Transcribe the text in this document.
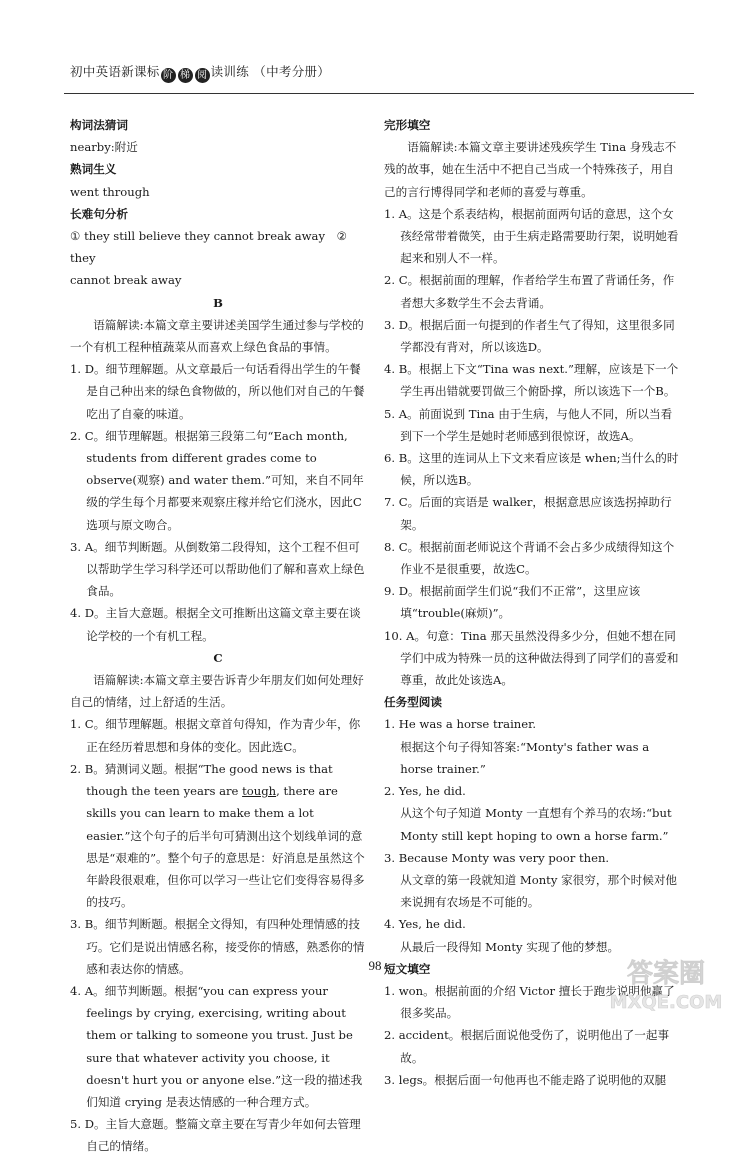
初中英语新课标 阶 梯 阅 读训练 （中考分册）

构词法猜词

nearby:附近

熟词生义

went through

长难句分析

① they still believe they cannot break away　② they

cannot break away

B

语篇解读:本篇文章主要讲述美国学生通过参与学校的一个有机工程种植蔬菜从而喜欢上绿色食品的事情。

1. D。细节理解题。从文章最后一句话看得出学生的午餐是自己种出来的绿色食物做的，所以他们对自己的午餐吃出了自豪的味道。

2. C。细节理解题。根据第三段第二句“Each month, students from different grades come to observe(观察) and water them.”可知，来自不同年级的学生每个月都要来观察庄稼并给它们浇水，因此C选项与原文吻合。

3. A。细节判断题。从倒数第二段得知，这个工程不但可以帮助学生学习科学还可以帮助他们了解和喜欢上绿色食品。

4. D。主旨大意题。根据全文可推断出这篇文章主要在谈论学校的一个有机工程。

C

语篇解读:本篇文章主要告诉青少年朋友们如何处理好自己的情绪，过上舒适的生活。

1. C。细节理解题。根据文章首句得知，作为青少年，你正在经历着思想和身体的变化。因此选C。

2. B。猜测词义题。根据“The good news is that though the teen years are tough, there are skills you can learn to make them a lot easier.”这个句子的后半句可猜测出这个划线单词的意思是“艰难的”。整个句子的意思是：好消息是虽然这个年龄段很艰难，但你可以学习一些让它们变得容易得多的技巧。

3. B。细节判断题。根据全文得知，有四种处理情感的技巧。它们是说出情感名称，接受你的情感，熟悉你的情感和表达你的情感。

4. A。细节判断题。根据“you can express your feelings by crying, exercising, writing about them or talking to someone you trust. Just be sure that whatever activity you choose, it doesn't hurt you or anyone else.”这一段的描述我们知道 crying 是表达情感的一种合理方式。

5. D。主旨大意题。整篇文章主要在写青少年如何去管理自己的情绪。

完形填空

语篇解读:本篇文章主要讲述残疾学生 Tina 身残志不残的故事，她在生活中不把自己当成一个特殊孩子，用自己的言行博得同学和老师的喜爱与尊重。

1. A。这是个系表结构，根据前面两句话的意思，这个女孩经常带着微笑，由于生病走路需要助行架，说明她看起来和别人不一样。

2. C。根据前面的理解，作者给学生布置了背诵任务，作者想大多数学生不会去背诵。

3. D。根据后面一句提到的作者生气了得知，这里很多同学都没有背对，所以该选D。

4. B。根据上下文“Tina was next.”理解，应该是下一个学生再出错就要罚做三个俯卧撑，所以该选下一个B。

5. A。前面说到 Tina 由于生病，与他人不同，所以当看到下一个学生是她时老师感到很惊讶，故选A。

6. B。这里的连词从上下文来看应该是 when;当什么的时候，所以选B。

7. C。后面的宾语是 walker，根据意思应该选拐掉助行架。

8. C。根据前面老师说这个背诵不会占多少成绩得知这个作业不是很重要，故选C。

9. D。根据前面学生们说“我们不正常”，这里应该填“trouble(麻烦)”。

10. A。句意：Tina 那天虽然没得多少分，但她不想在同学们中成为特殊一员的这种做法得到了同学们的喜爱和尊重，故此处该选A。

任务型阅读

1. He was a horse trainer.

根据这个句子得知答案:“Monty's father was a horse trainer.”

2. Yes, he did.

从这个句子知道 Monty 一直想有个养马的农场:“but Monty still kept hoping to own a horse farm.”

3. Because Monty was very poor then.

从文章的第一段就知道 Monty 家很穷，那个时候对他来说拥有农场是不可能的。

4. Yes, he did.

从最后一段得知 Monty 实现了他的梦想。

短文填空

1. won。根据前面的介绍 Victor 擅长于跑步说明他赢了很多奖品。

2. accident。根据后面说他受伤了，说明他出了一起事故。

3. legs。根据后面一句他再也不能走路了说明他的双腿

98	答案圈
MXQE.COM
